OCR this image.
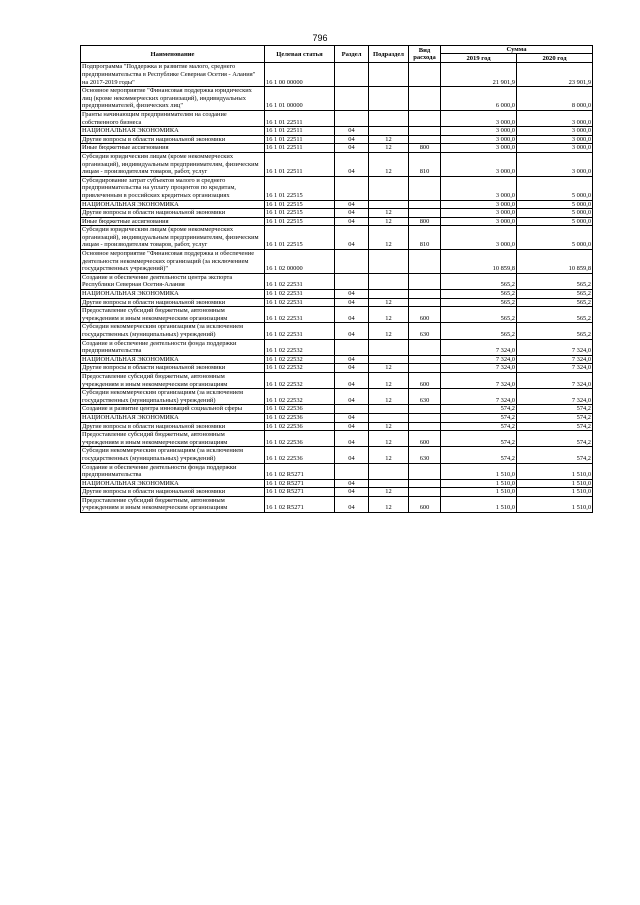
796
Наименование	Целевая статья	Раздел	Подраздел	Вид расхода	Сумма	
					2019 год	2020 год
Подпрограмма "Поддержка и развитие малого, среднего предпринимательства в Республике Северная Осетия - Алания" на 2017-2019 годы"	16 1 00 00000				21 901,9	23 901,9
Основное мероприятие "Финансовая поддержка юридических лиц (кроме некоммерческих организаций), индивидуальных предпринимателей, физических лиц"	16 1 01 00000				6 000,0	8 000,0
Гранты начинающим предпринимателям на создание собственного бизнеса	16 1 01 22511				3 000,0	3 000,0
НАЦИОНАЛЬНАЯ ЭКОНОМИКА	16 1 01 22511	04			3 000,0	3 000,0
Другие вопросы в области национальной экономики	16 1 01 22511	04	12		3 000,0	3 000,0
Иные бюджетные ассигнования	16 1 01 22511	04	12	800	3 000,0	3 000,0
Субсидии юридическим лицам (кроме некоммерческих организаций), индивидуальным предпринимателям, физическим лицам - производителям товаров, работ, услуг	16 1 01 22511	04	12	810	3 000,0	3 000,0
Субсидирование затрат субъектов малого и среднего предпринимательства на уплату процентов по кредитам, привлеченным в российских кредитных организациях	16 1 01 22515				3 000,0	5 000,0
НАЦИОНАЛЬНАЯ ЭКОНОМИКА	16 1 01 22515	04			3 000,0	5 000,0
Другие вопросы в области национальной экономики	16 1 01 22515	04	12		3 000,0	5 000,0
Иные бюджетные ассигнования	16 1 01 22515	04	12	800	3 000,0	5 000,0
Субсидии юридическим лицам (кроме некоммерческих организаций), индивидуальным предпринимателям, физическим лицам - производителям товаров, работ, услуг	16 1 01 22515	04	12	810	3 000,0	5 000,0
Основное мероприятие "Финансовая поддержка и обеспечение деятельности некоммерческих организаций (за исключением государственных учреждений)"	16 1 02 00000				10 859,8	10 859,8
Создание и обеспечение деятельности центра экспорта Республики Северная Осетия-Алания	16 1 02 22531				565,2	565,2
НАЦИОНАЛЬНАЯ ЭКОНОМИКА	16 1 02 22531	04			565,2	565,2
Другие вопросы в области национальной экономики	16 1 02 22531	04	12		565,2	565,2
Предоставление субсидий бюджетным, автономным учреждениям и иным некоммерческим организациям	16 1 02 22531	04	12	600	565,2	565,2
Субсидии некоммерческим организациям (за исключением государственных (муниципальных) учреждений)	16 1 02 22531	04	12	630	565,2	565,2
Создание и обеспечение деятельности фонда поддержки предпринимательства	16 1 02 22532				7 324,0	7 324,0
НАЦИОНАЛЬНАЯ ЭКОНОМИКА	16 1 02 22532	04			7 324,0	7 324,0
Другие вопросы в области национальной экономики	16 1 02 22532	04	12		7 324,0	7 324,0
Предоставление субсидий бюджетным, автономным учреждениям и иным некоммерческим организациям	16 1 02 22532	04	12	600	7 324,0	7 324,0
Субсидии некоммерческим организациям (за исключением государственных (муниципальных) учреждений)	16 1 02 22532	04	12	630	7 324,0	7 324,0
Создание и развитие центра инноваций социальной сферы	16 1 02 22536				574,2	574,2
НАЦИОНАЛЬНАЯ ЭКОНОМИКА	16 1 02 22536	04			574,2	574,2
Другие вопросы в области национальной экономики	16 1 02 22536	04	12		574,2	574,2
Предоставление субсидий бюджетным, автономным учреждениям и иным некоммерческим организациям	16 1 02 22536	04	12	600	574,2	574,2
Субсидии некоммерческим организациям (за исключением государственных (муниципальных) учреждений)	16 1 02 22536	04	12	630	574,2	574,2
Создание и обеспечение деятельности фонда поддержки предпринимательства	16 1 02 R5271				1 510,0	1 510,0
НАЦИОНАЛЬНАЯ ЭКОНОМИКА	16 1 02 R5271	04			1 510,0	1 510,0
Другие вопросы в области национальной экономики	16 1 02 R5271	04	12		1 510,0	1 510,0
Предоставление субсидий бюджетным, автономным учреждениям и иным некоммерческим организациям	16 1 02 R5271	04	12	600	1 510,0	1 510,0
